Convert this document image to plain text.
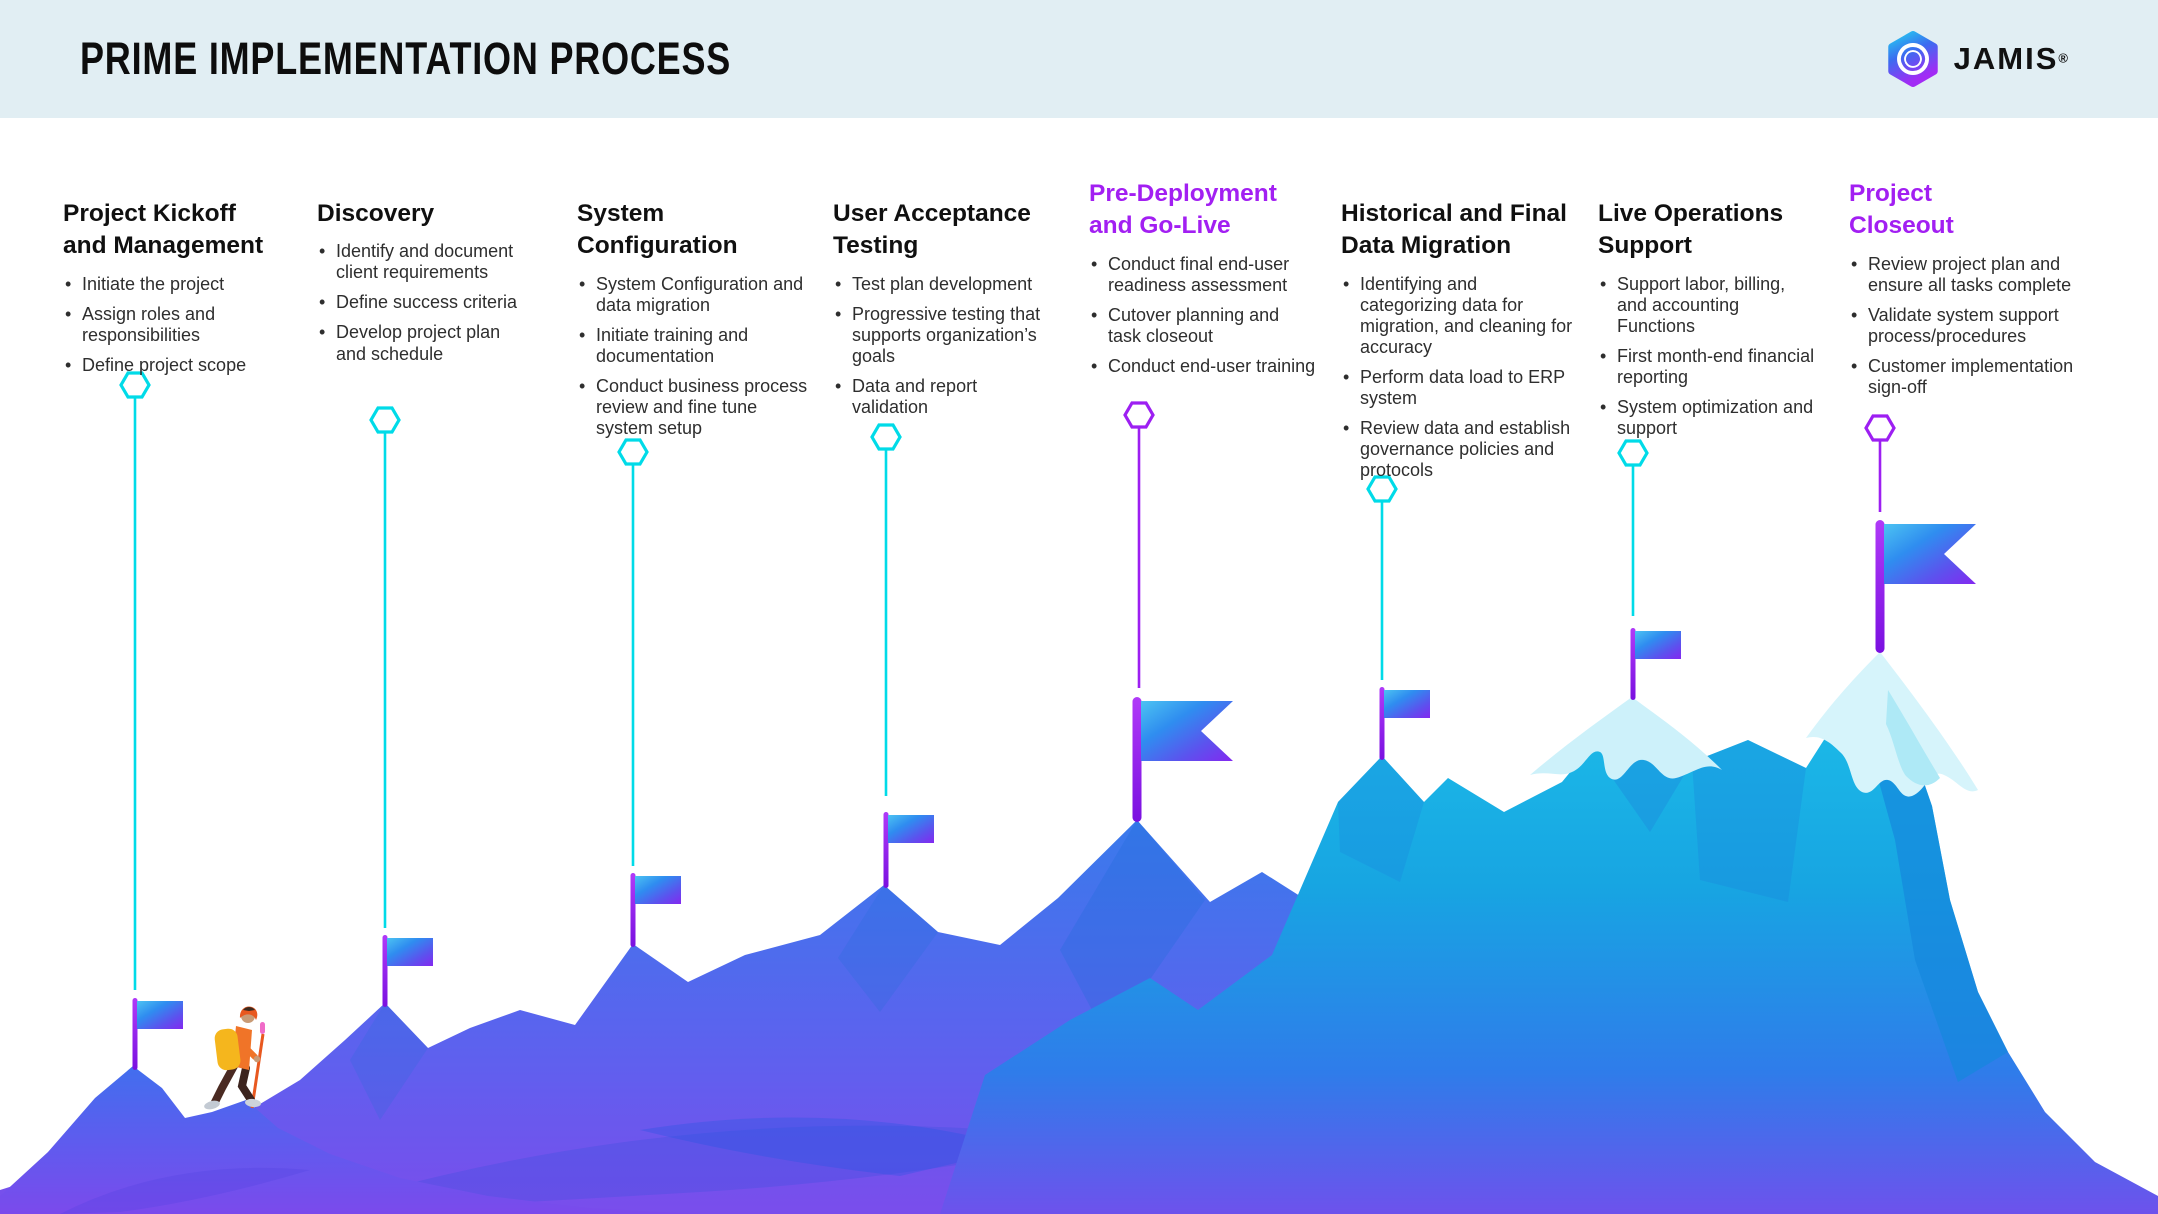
PRIME IMPLEMENTATION PROCESS	JAMIS®
Project Kickoff
and Management
• Initiate the project
• Assign roles and responsibilities
• Define project scope
Discovery
• Identify and document client requirements
• Define success criteria
• Develop project plan and schedule
System
Configuration
• System Configuration and data migration
• Initiate training and documentation
• Conduct business process review and fine tune system setup
User Acceptance
Testing
• Test plan development
• Progressive testing that supports organization’s goals
• Data and report validation
Pre-Deployment
and Go-Live
• Conduct final end-user readiness assessment
• Cutover planning and task closeout
• Conduct end-user training
Historical and Final
Data Migration
• Identifying and categorizing data for migration, and cleaning for accuracy
• Perform data load to ERP system
• Review data and establish governance policies and protocols
Live Operations
Support
• Support labor, billing, and accounting Functions
• First month-end financial reporting
• System optimization and support
Project
Closeout
• Review project plan and ensure all tasks complete
• Validate system support process/procedures
• Customer implementation sign-off
